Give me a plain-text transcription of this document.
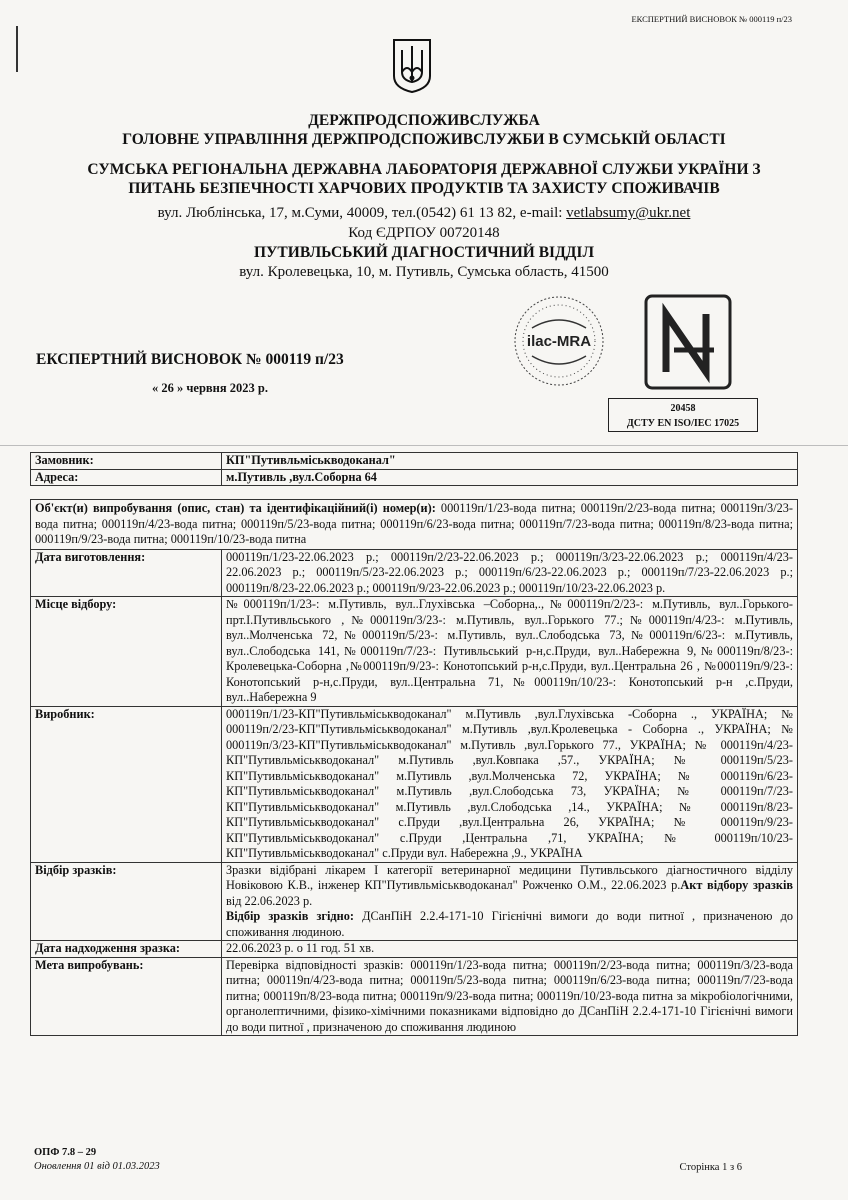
ЕКСПЕРТНИЙ ВИСНОВОК № 000119 п/23
ДЕРЖПРОДСПОЖИВСЛУЖБА
ГОЛОВНЕ УПРАВЛІННЯ ДЕРЖПРОДСПОЖИВСЛУЖБИ В СУМСЬКІЙ ОБЛАСТІ
СУМСЬКА РЕГІОНАЛЬНА ДЕРЖАВНА ЛАБОРАТОРІЯ ДЕРЖАВНОЇ СЛУЖБИ УКРАЇНИ З
ПИТАНЬ БЕЗПЕЧНОСТІ ХАРЧОВИХ ПРОДУКТІВ ТА ЗАХИСТУ СПОЖИВАЧІВ
вул. Люблінська, 17, м.Суми, 40009, тел.(0542) 61 13 82, e-mail: vetlabsumy@ukr.net
Код ЄДРПОУ 00720148
ПУТИВЛЬСЬКИЙ ДІАГНОСТИЧНИЙ ВІДДІЛ
вул. Кролевецька, 10, м. Путивль, Сумська область, 41500
ilac-MRA
20458
ДСТУ EN ISO/IEC 17025
ЕКСПЕРТНИЙ ВИСНОВОК № 000119 п/23
« 26 » червня 2023 р.
Замовник:	КП"Путивльміськводоканал"
Адреса:	м.Путивль ,вул.Соборна 64
Об'єкт(и) випробування (опис, стан) та ідентифікаційний(і) номер(и): 000119п/1/23-вода питна; 000119п/2/23-вода питна; 000119п/3/23-вода питна; 000119п/4/23-вода питна; 000119п/5/23-вода питна; 000119п/6/23-вода питна; 000119п/7/23-вода питна; 000119п/8/23-вода питна; 000119п/9/23-вода питна; 000119п/10/23-вода питна	
Дата виготовлення:	000119п/1/23-22.06.2023 р.; 000119п/2/23-22.06.2023 р.; 000119п/3/23-22.06.2023 р.; 000119п/4/23-22.06.2023 р.; 000119п/5/23-22.06.2023 р.; 000119п/6/23-22.06.2023 р.; 000119п/7/23-22.06.2023 р.; 000119п/8/23-22.06.2023 р.; 000119п/9/23-22.06.2023 р.; 000119п/10/23-22.06.2023 р.
Місце відбору:	№000119п/1/23-: м.Путивль, вул..Глухівська –Соборна,.,№000119п/2/23-: м.Путивль, вул..Горького- прт.І.Путивльського ,№000119п/3/23-: м.Путивль, вул..Горького 77.;№000119п/4/23-: м.Путивль, вул..Молченська 72,№000119п/5/23-: м.Путивль, вул..Слободська 73,№000119п/6/23-: м.Путивль, вул..Слободська 141,№000119п/7/23-: Путивльський р-н,с.Пруди, вул..Набережна 9,№000119п/8/23-: Кролевецька-Соборна ,№000119п/9/23-: Конотопський р-н,с.Пруди, вул..Центральна 26 , №000119п/9/23-: Конотопський р-н,с.Пруди, вул..Центральна 71,№000119п/10/23-: Конотопський р-н ,с.Пруди, вул..Набережна 9
Виробник:	000119п/1/23-КП"Путивльміськводоканал" м.Путивль ,вул.Глухівська -Соборна ., УКРАЇНА; № 000119п/2/23-КП"Путивльміськводоканал" м.Путивль ,вул.Кролевецька - Соборна ., УКРАЇНА; № 000119п/3/23-КП"Путивльміськводоканал" м.Путивль ,вул.Горького 77., УКРАЇНА; № 000119п/4/23-КП"Путивльміськводоканал" м.Путивль ,вул.Ковпака ,57., УКРАЇНА; № 000119п/5/23-КП"Путивльміськводоканал" м.Путивль ,вул.Молченська 72, УКРАЇНА; № 000119п/6/23-КП"Путивльміськводоканал" м.Путивль ,вул.Слободська 73, УКРАЇНА; № 000119п/7/23-КП"Путивльміськводоканал" м.Путивль ,вул.Слободська ,14., УКРАЇНА; № 000119п/8/23-КП"Путивльміськводоканал" с.Пруди ,вул.Центральна 26, УКРАЇНА; № 000119п/9/23-КП"Путивльміськводоканал" с.Пруди ,Центральна ,71, УКРАЇНА; № 000119п/10/23-КП"Путивльміськводоканал" с.Пруди вул. Набережна ,9., УКРАЇНА
Відбір зразків:	Зразки відібрані лікарем I категорії ветеринарної медицини Путивльського діагностичного відділу Новіковою К.В., інженер КП"Путивльміськводоканал" Рожченко О.М., 22.06.2023 р.Акт відбору зразків від 22.06.2023 р.
Відбір зразків згідно: ДСанПіН 2.2.4-171-10 Гігієнічні вимоги до води питної , призначеною до споживання людиною.
Дата надходження зразка:	22.06.2023 р. о 11 год. 51 хв.
Мета випробувань:	Перевірка відповідності зразків: 000119п/1/23-вода питна; 000119п/2/23-вода питна; 000119п/3/23-вода питна; 000119п/4/23-вода питна; 000119п/5/23-вода питна; 000119п/6/23-вода питна; 000119п/7/23-вода питна; 000119п/8/23-вода питна; 000119п/9/23-вода питна; 000119п/10/23-вода питна за мікробіологічними, органолептичними, фізико-хімічними показниками відповідно до ДСанПіН 2.2.4-171-10 Гігієнічні вимоги до води питної , призначеною до споживання людиною
ОПФ 7.8 – 29
Оновлення 01 від 01.03.2023	Сторінка 1 з 6
